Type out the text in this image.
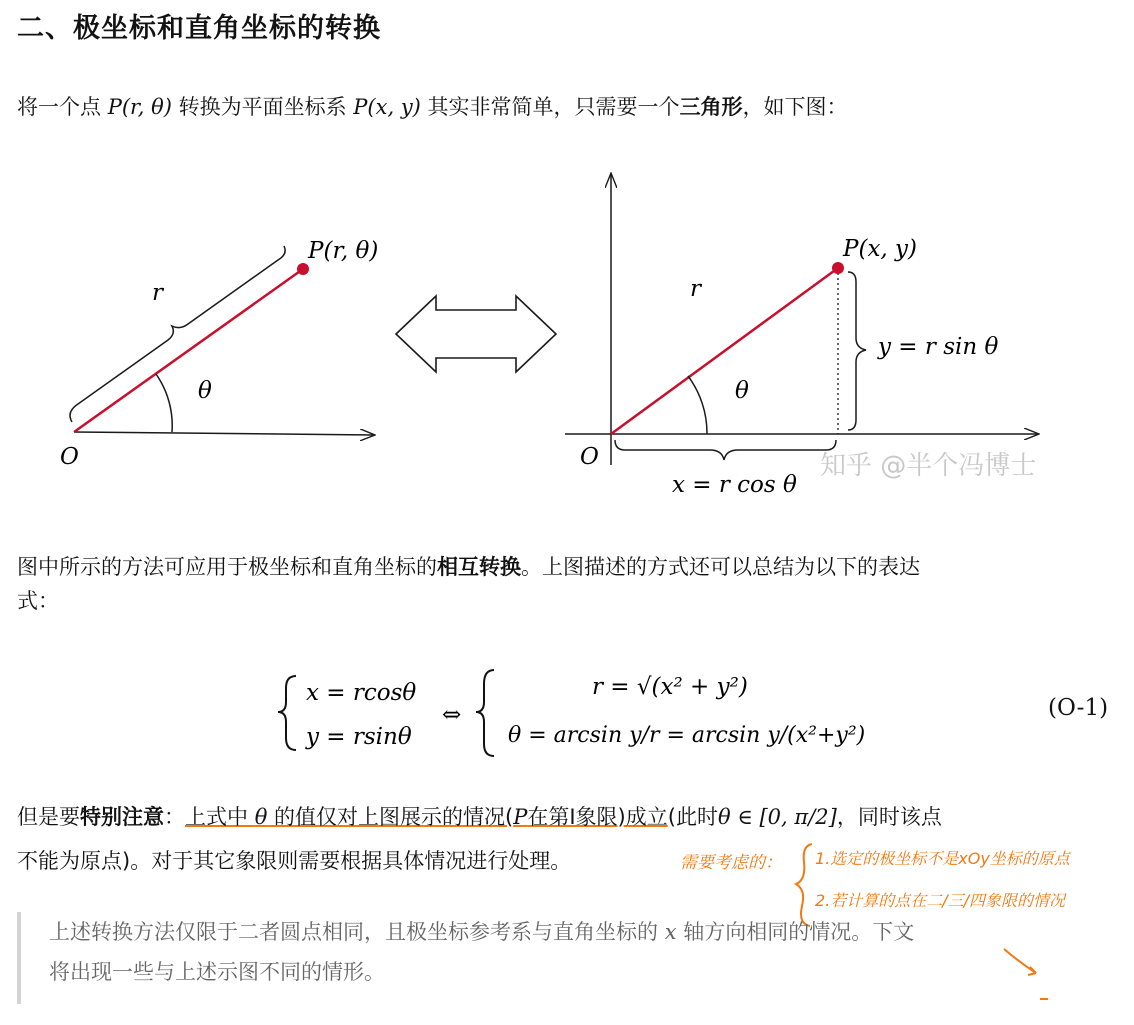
二、极坐标和直角坐标的转换
将一个点 P(r, θ) 转换为平面坐标系 P(x, y) 其实非常简单，只需要一个三角形，如下图：
P(r, θ)
r
θ
O
P(x, y)
r
θ
O
y = r sin θ
x = r cos θ
知乎 @半个冯博士
图中所示的方法可应用于极坐标和直角坐标的相互转换。上图描述的方式还可以总结为以下的表达
式：
x = rcosθ
y = rsinθ
⇔
r = √(x² + y²)
θ = arcsin y/r = arcsin y/(x²+y²)
(O-1)
但是要特别注意：上式中 θ 的值仅对上图展示的情况(P在第I象限)成立(此时θ ∈ [0, π/2]，同时该点
不能为原点)。对于其它象限则需要根据具体情况进行处理。	需要考虑的： 1.选定的极坐标不是xOy坐标的原点
2.若计算的点在二/三/四象限的情况
上述转换方法仅限于二者圆点相同，且极坐标参考系与直角坐标的 x 轴方向相同的情况。下文
将出现一些与上述示图不同的情形。
